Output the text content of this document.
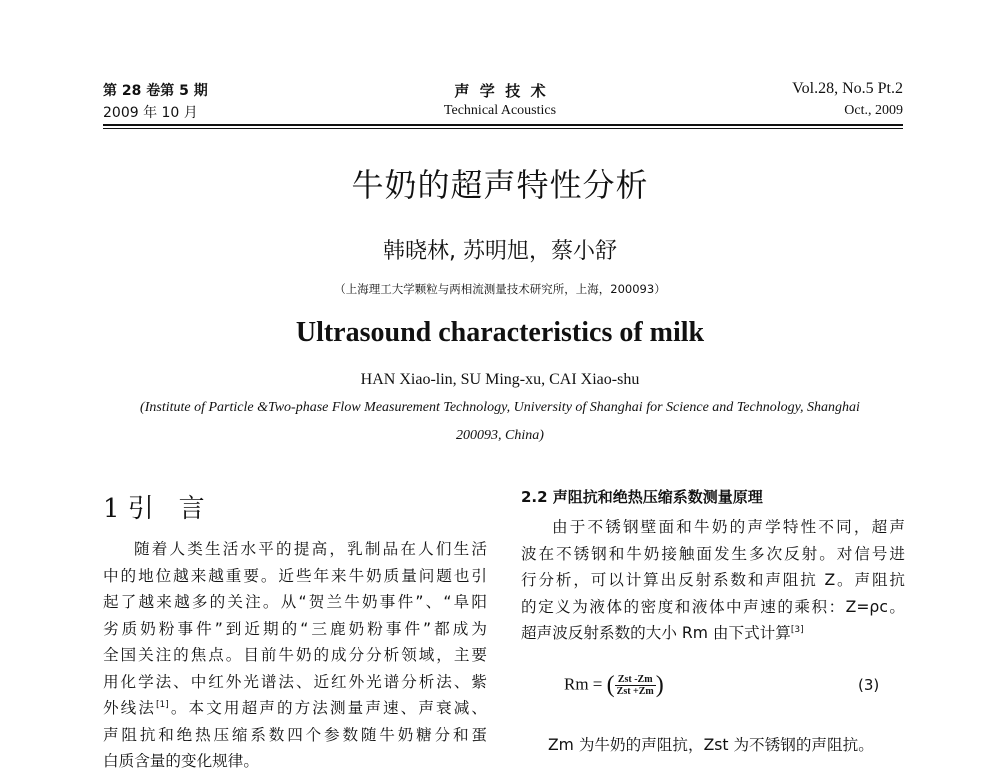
第 28 卷第 5 期
2009 年 10 月
声  学  技  术
Technical Acoustics
Vol.28, No.5 Pt.2
Oct., 2009
牛奶的超声特性分析
韩晓林, 苏明旭，蔡小舒
（上海理工大学颗粒与两相流测量技术研究所，上海，200093）
Ultrasound characteristics of milk
HAN Xiao-lin, SU Ming-xu, CAI Xiao-shu
(Institute of Particle &Two-phase Flow Measurement Technology, University of Shanghai for Science and Technology, Shanghai
200093, China)
1 引   言
随着人类生活水平的提高，乳制品在人们生活
中的地位越来越重要。近些年来牛奶质量问题也引
起了越来越多的关注。从“贺兰牛奶事件”、“阜阳
劣质奶粉事件”到近期的“三鹿奶粉事件”都成为
全国关注的焦点。目前牛奶的成分分析领域，主要
用化学法、中红外光谱法、近红外光谱分析法、紫
外线法[1]。本文用超声的方法测量声速、声衰减、
声阻抗和绝热压缩系数四个参数随牛奶糖分和蛋
白质含量的变化规律。
2.2 声阻抗和绝热压缩系数测量原理
由于不锈钢壁面和牛奶的声学特性不同，超声
波在不锈钢和牛奶接触面发生多次反射。对信号进
行分析，可以计算出反射系数和声阻抗 Z。声阻抗
的定义为液体的密度和液体中声速的乘积：Z=ρc。
超声波反射系数的大小 Rm 由下式计算[3]
Rm = ( $\frac{\text{Zst -Zm}}{\text{Zst +Zm}}$ )	(3)
Zm 为牛奶的声阻抗，Zst 为不锈钢的声阻抗。
